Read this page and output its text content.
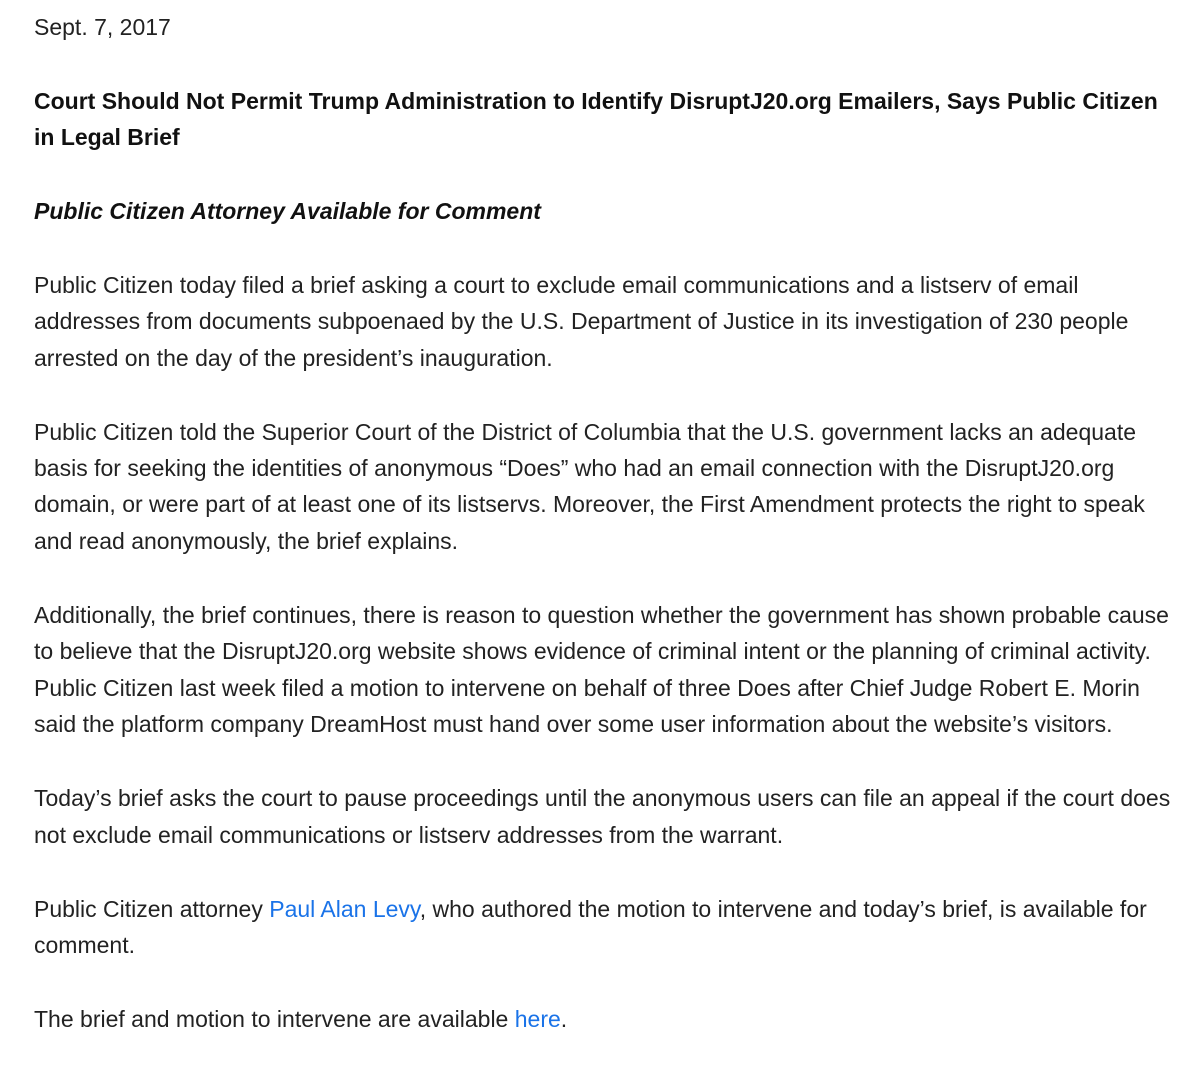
Sept. 7, 2017
Court Should Not Permit Trump Administration to Identify DisruptJ20.org Emailers, Says Public Citizen in Legal Brief
Public Citizen Attorney Available for Comment

Public Citizen today filed a brief asking a court to exclude email communications and a listserv of email addresses from documents subpoenaed by the U.S. Department of Justice in its investigation of 230 people arrested on the day of the president’s inauguration.

Public Citizen told the Superior Court of the District of Columbia that the U.S. government lacks an adequate basis for seeking the identities of anonymous “Does” who had an email connection with the DisruptJ20.org domain, or were part of at least one of its listservs. Moreover, the First Amendment protects the right to speak and read anonymously, the brief explains.

Additionally, the brief continues, there is reason to question whether the government has shown probable cause to believe that the DisruptJ20.org website shows evidence of criminal intent or the planning of criminal activity. Public Citizen last week filed a motion to intervene on behalf of three Does after Chief Judge Robert E. Morin said the platform company DreamHost must hand over some user information about the website’s visitors.

Today’s brief asks the court to pause proceedings until the anonymous users can file an appeal if the court does not exclude email communications or listserv addresses from the warrant.

Public Citizen attorney Paul Alan Levy, who authored the motion to intervene and today’s brief, is available for comment.

The brief and motion to intervene are available here.
